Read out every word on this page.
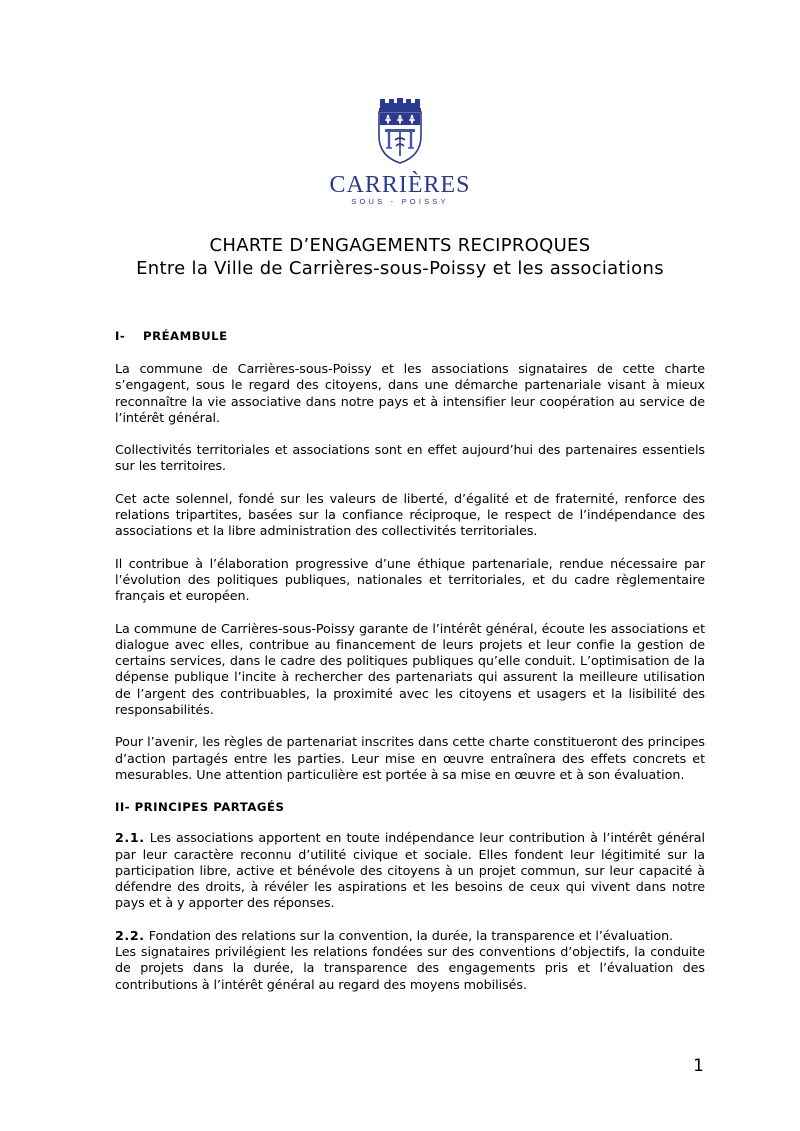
CARRIÈRES
SOUS - POISSY
CHARTE D’ENGAGEMENTS RECIPROQUES
Entre la Ville de Carrières-sous-Poissy et les associations
I- PRÉAMBULE

La commune de Carrières-sous-Poissy et les associations signataires de cette charte s’engagent, sous le regard des citoyens, dans une démarche partenariale visant à mieux reconnaître la vie associative dans notre pays et à intensifier leur coopération au service de l’intérêt général.

Collectivités territoriales et associations sont en effet aujourd’hui des partenaires essentiels sur les territoires.

Cet acte solennel, fondé sur les valeurs de liberté, d’égalité et de fraternité, renforce des relations tripartites, basées sur la confiance réciproque, le respect de l’indépendance des associations et la libre administration des collectivités territoriales.

Il contribue à l’élaboration progressive d’une éthique partenariale, rendue nécessaire par l’évolution des politiques publiques, nationales et territoriales, et du cadre règlementaire français et européen.

La commune de Carrières-sous-Poissy garante de l’intérêt général, écoute les associations et dialogue avec elles, contribue au financement de leurs projets et leur confie la gestion de certains services, dans le cadre des politiques publiques qu’elle conduit. L’optimisation de la dépense publique l’incite à rechercher des partenariats qui assurent la meilleure utilisation de l’argent des contribuables, la proximité avec les citoyens et usagers et la lisibilité des responsabilités.

Pour l’avenir, les règles de partenariat inscrites dans cette charte constitueront des principes d’action partagés entre les parties. Leur mise en œuvre entraînera des effets concrets et mesurables. Une attention particulière est portée à sa mise en œuvre et à son évaluation.

II- PRINCIPES PARTAGÉS

2.1. Les associations apportent en toute indépendance leur contribution à l’intérêt général par leur caractère reconnu d’utilité civique et sociale. Elles fondent leur légitimité sur la participation libre, active et bénévole des citoyens à un projet commun, sur leur capacité à défendre des droits, à révéler les aspirations et les besoins de ceux qui vivent dans notre pays et à y apporter des réponses.

2.2. Fondation des relations sur la convention, la durée, la transparence et l’évaluation.

Les signataires privilégient les relations fondées sur des conventions d’objectifs, la conduite de projets dans la durée, la transparence des engagements pris et l’évaluation des contributions à l’intérêt général au regard des moyens mobilisés.

1
